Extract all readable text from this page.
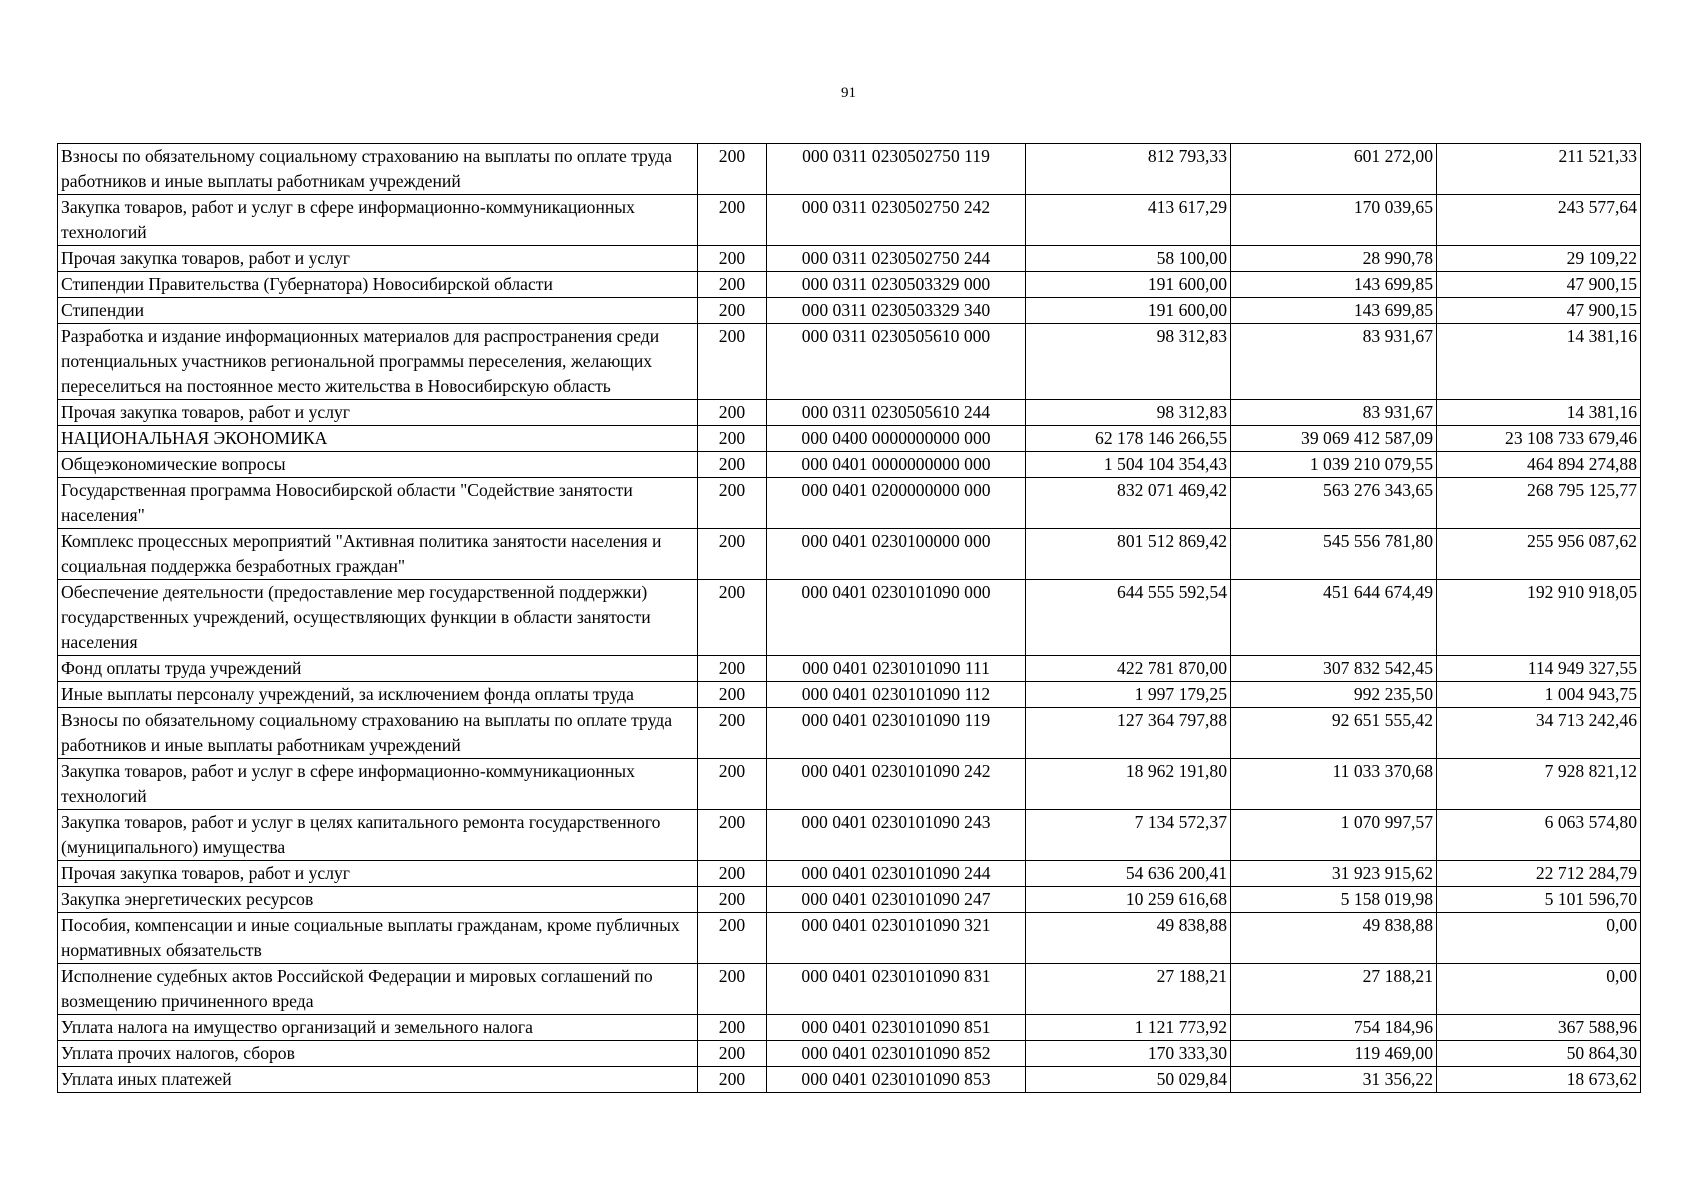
91
Взносы по обязательному социальному страхованию на выплаты по оплате труда работников и иные выплаты работникам учреждений	200	000 0311 0230502750 119	812 793,33	601 272,00	211 521,33
Закупка товаров, работ и услуг в сфере информационно-коммуникационных технологий	200	000 0311 0230502750 242	413 617,29	170 039,65	243 577,64
Прочая закупка товаров, работ и услуг	200	000 0311 0230502750 244	58 100,00	28 990,78	29 109,22
Стипендии Правительства (Губернатора) Новосибирской области	200	000 0311 0230503329 000	191 600,00	143 699,85	47 900,15
Стипендии	200	000 0311 0230503329 340	191 600,00	143 699,85	47 900,15
Разработка и издание информационных материалов для распространения среди потенциальных участников региональной программы переселения, желающих переселиться на постоянное место жительства в Новосибирскую область	200	000 0311 0230505610 000	98 312,83	83 931,67	14 381,16
Прочая закупка товаров, работ и услуг	200	000 0311 0230505610 244	98 312,83	83 931,67	14 381,16
НАЦИОНАЛЬНАЯ ЭКОНОМИКА	200	000 0400 0000000000 000	62 178 146 266,55	39 069 412 587,09	23 108 733 679,46
Общеэкономические вопросы	200	000 0401 0000000000 000	1 504 104 354,43	1 039 210 079,55	464 894 274,88
Государственная программа Новосибирской области "Содействие занятости населения"	200	000 0401 0200000000 000	832 071 469,42	563 276 343,65	268 795 125,77
Комплекс процессных мероприятий "Активная политика занятости населения и социальная поддержка безработных граждан"	200	000 0401 0230100000 000	801 512 869,42	545 556 781,80	255 956 087,62
Обеспечение деятельности (предоставление мер государственной поддержки) государственных учреждений, осуществляющих функции в области занятости населения	200	000 0401 0230101090 000	644 555 592,54	451 644 674,49	192 910 918,05
Фонд оплаты труда учреждений	200	000 0401 0230101090 111	422 781 870,00	307 832 542,45	114 949 327,55
Иные выплаты персоналу учреждений, за исключением фонда оплаты труда	200	000 0401 0230101090 112	1 997 179,25	992 235,50	1 004 943,75
Взносы по обязательному социальному страхованию на выплаты по оплате труда работников и иные выплаты работникам учреждений	200	000 0401 0230101090 119	127 364 797,88	92 651 555,42	34 713 242,46
Закупка товаров, работ и услуг в сфере информационно-коммуникационных технологий	200	000 0401 0230101090 242	18 962 191,80	11 033 370,68	7 928 821,12
Закупка товаров, работ и услуг в целях капитального ремонта государственного (муниципального) имущества	200	000 0401 0230101090 243	7 134 572,37	1 070 997,57	6 063 574,80
Прочая закупка товаров, работ и услуг	200	000 0401 0230101090 244	54 636 200,41	31 923 915,62	22 712 284,79
Закупка энергетических ресурсов	200	000 0401 0230101090 247	10 259 616,68	5 158 019,98	5 101 596,70
Пособия, компенсации и иные социальные выплаты гражданам, кроме публичных нормативных обязательств	200	000 0401 0230101090 321	49 838,88	49 838,88	0,00
Исполнение судебных актов Российской Федерации и мировых соглашений по возмещению причиненного вреда	200	000 0401 0230101090 831	27 188,21	27 188,21	0,00
Уплата налога на имущество организаций и земельного налога	200	000 0401 0230101090 851	1 121 773,92	754 184,96	367 588,96
Уплата прочих налогов, сборов	200	000 0401 0230101090 852	170 333,30	119 469,00	50 864,30
Уплата иных платежей	200	000 0401 0230101090 853	50 029,84	31 356,22	18 673,62
